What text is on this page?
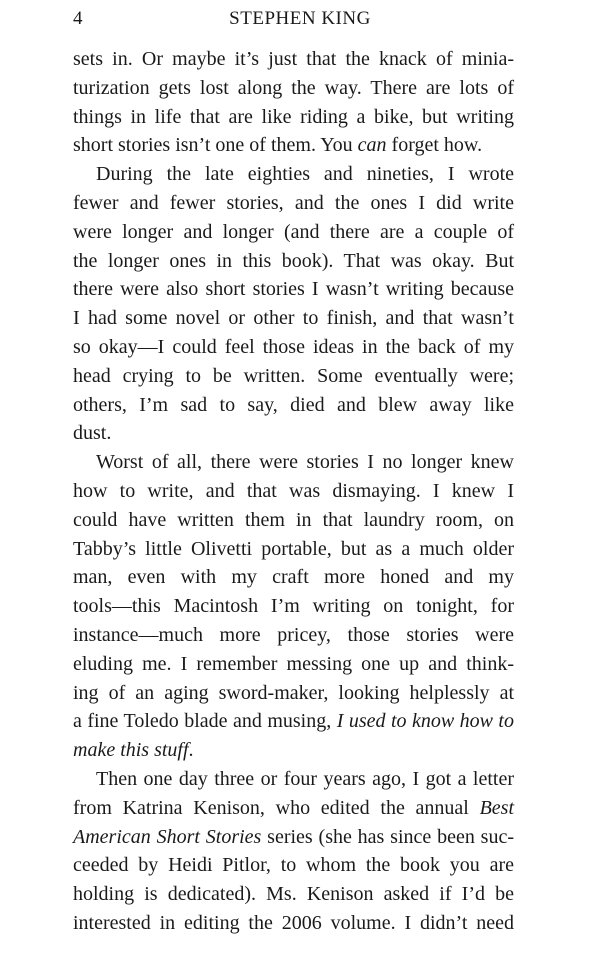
4	STEPHEN KING
sets in. Or maybe it’s just that the knack of minia-
turization gets lost along the way. There are lots of
things in life that are like riding a bike, but writing
short stories isn’t one of them. You can forget how.
During the late eighties and nineties, I wrote
fewer and fewer stories, and the ones I did write
were longer and longer (and there are a couple of
the longer ones in this book). That was okay. But
there were also short stories I wasn’t writing because
I had some novel or other to finish, and that wasn’t
so okay—I could feel those ideas in the back of my
head crying to be written. Some eventually were;
others, I’m sad to say, died and blew away like
dust.
Worst of all, there were stories I no longer knew
how to write, and that was dismaying. I knew I
could have written them in that laundry room, on
Tabby’s little Olivetti portable, but as a much older
man, even with my craft more honed and my
tools—this Macintosh I’m writing on tonight, for
instance—much more pricey, those stories were
eluding me. I remember messing one up and think-
ing of an aging sword-maker, looking helplessly at
a fine Toledo blade and musing, I used to know how to
make this stuff.
Then one day three or four years ago, I got a letter
from Katrina Kenison, who edited the annual Best
American Short Stories series (she has since been suc-
ceeded by Heidi Pitlor, to whom the book you are
holding is dedicated). Ms. Kenison asked if I’d be
interested in editing the 2006 volume. I didn’t need
